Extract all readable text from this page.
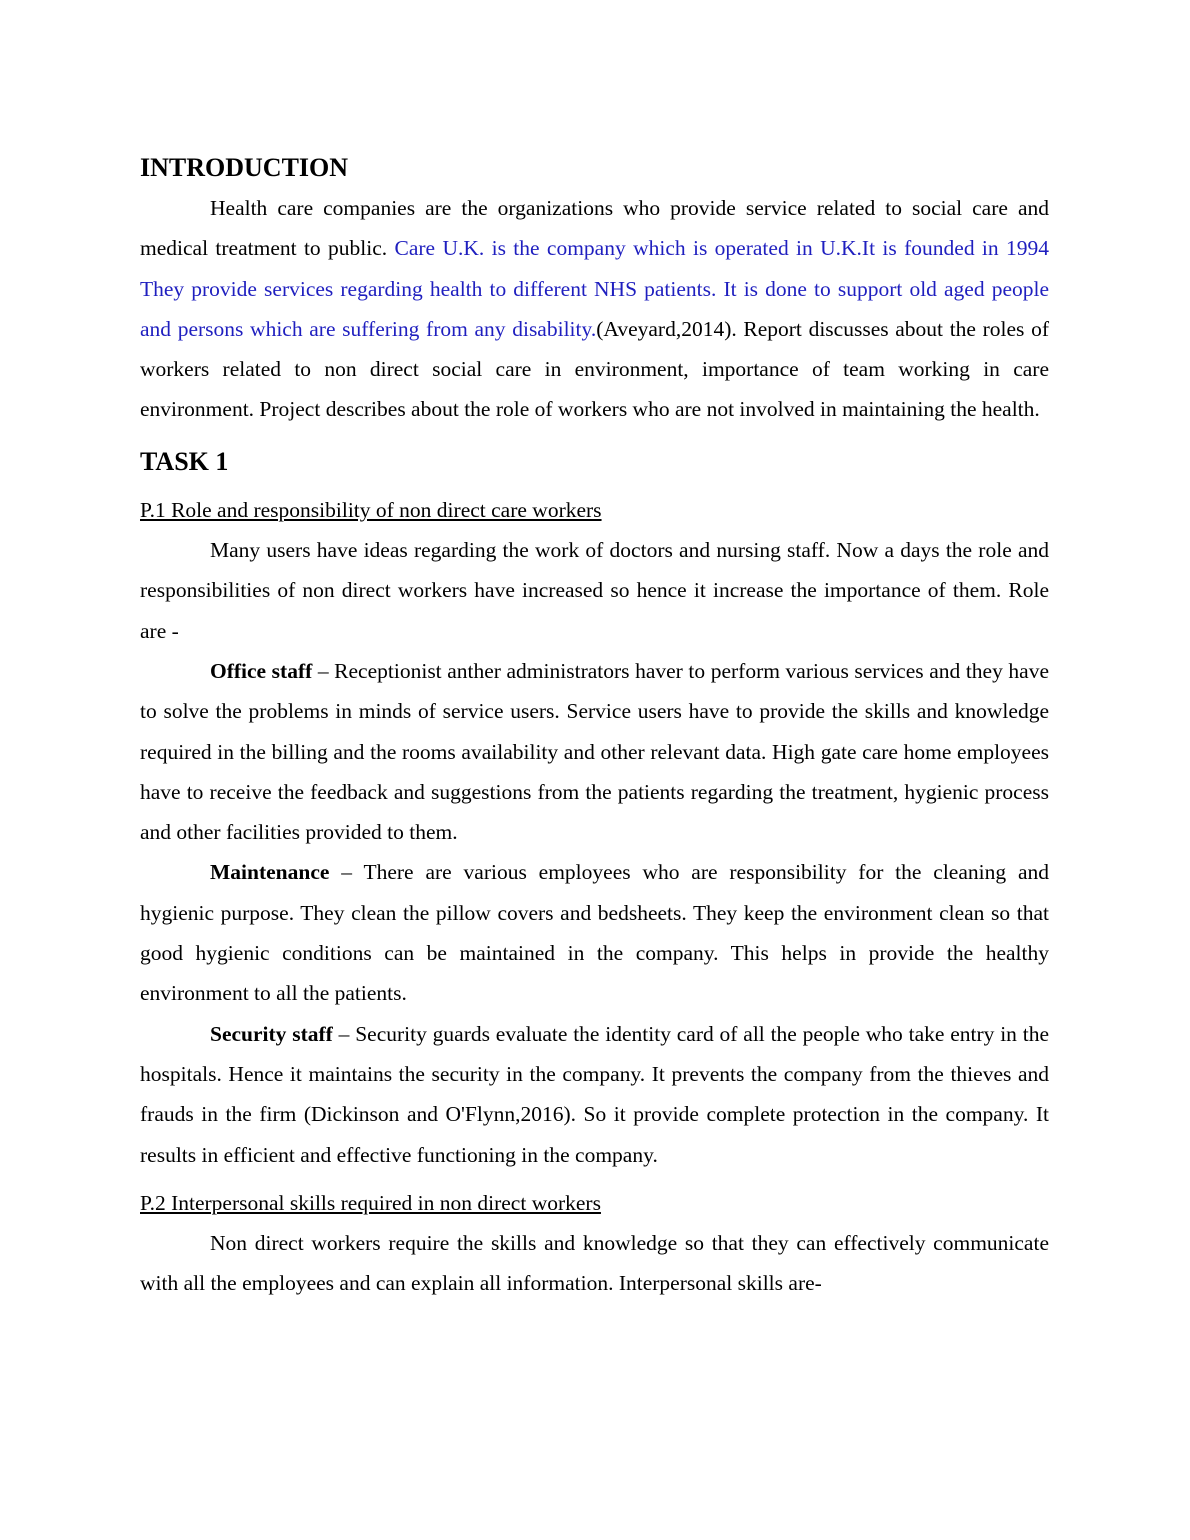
INTRODUCTION

Health care companies are the organizations who provide service related to social care and medical treatment to public. Care U.K. is the company which is operated in U.K.It is founded in 1994 They provide services regarding health to different NHS patients. It is done to support old aged people and persons which are suffering from any disability.(Aveyard,2014). Report discusses about the roles of workers related to non direct social care in environment, importance of team working in care environment. Project describes about the role of workers who are not involved in maintaining the health.

TASK 1
P.1 Role and responsibility of non direct care workers

Many users have ideas regarding the work of doctors and nursing staff. Now a days the role and responsibilities of non direct workers have increased so hence it increase the importance of them. Role are -

Office staff – Receptionist anther administrators haver to perform various services and they have to solve the problems in minds of service users. Service users have to provide the skills and knowledge required in the billing and the rooms availability and other relevant data. High gate care home employees have to receive the feedback and suggestions from the patients regarding the treatment, hygienic process and other facilities provided to them.

Maintenance – There are various employees who are responsibility for the cleaning and hygienic purpose. They clean the pillow covers and bedsheets. They keep the environment clean so that good hygienic conditions can be maintained in the company. This helps in provide the healthy environment to all the patients.

Security staff – Security guards evaluate the identity card of all the people who take entry in the hospitals. Hence it maintains the security in the company. It prevents the company from the thieves and frauds in the firm (Dickinson and O'Flynn,2016). So it provide complete protection in the company. It results in efficient and effective functioning in the company.

P.2 Interpersonal skills required in non direct workers

Non direct workers require the skills and knowledge so that they can effectively communicate with all the employees and can explain all information. Interpersonal skills are-
